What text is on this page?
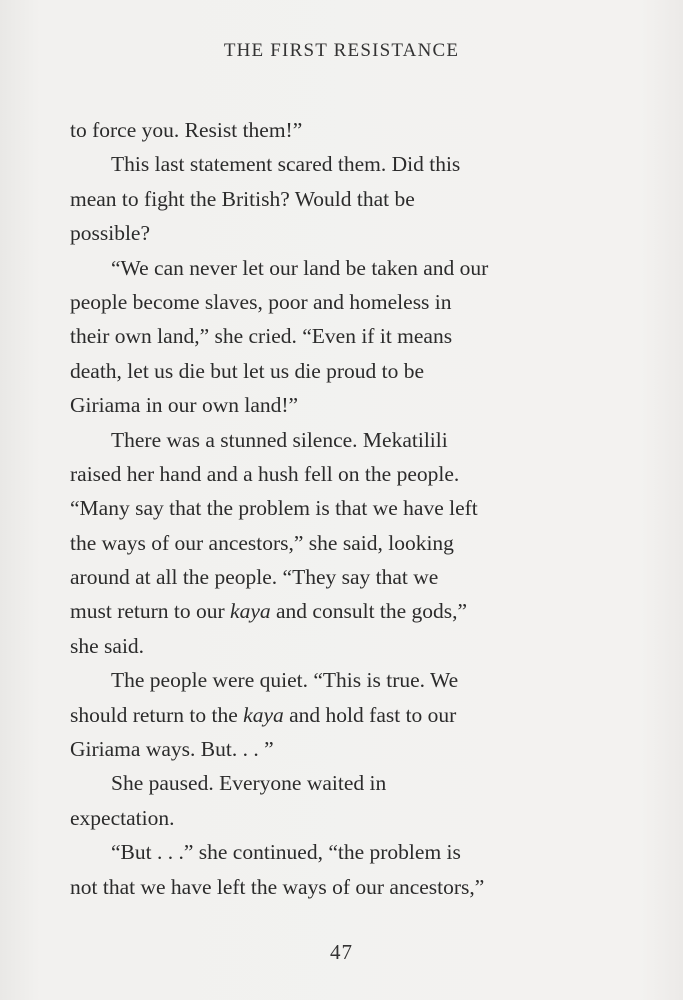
THE FIRST RESISTANCE
to force you. Resist them!”
This last statement scared them. Did this
mean to fight the British? Would that be
possible?
“We can never let our land be taken and our
people become slaves, poor and homeless in
their own land,” she cried. “Even if it means
death, let us die but let us die proud to be
Giriama in our own land!”
There was a stunned silence. Mekatilili
raised her hand and a hush fell on the people.
“Many say that the problem is that we have left
the ways of our ancestors,” she said, looking
around at all the people. “They say that we
must return to our kaya and consult the gods,”
she said.
The people were quiet. “This is true. We
should return to the kaya and hold fast to our
Giriama ways. But. . . ”
She paused. Everyone waited in
expectation.
“But . . .” she continued, “the problem is
not that we have left the ways of our ancestors,”
47
